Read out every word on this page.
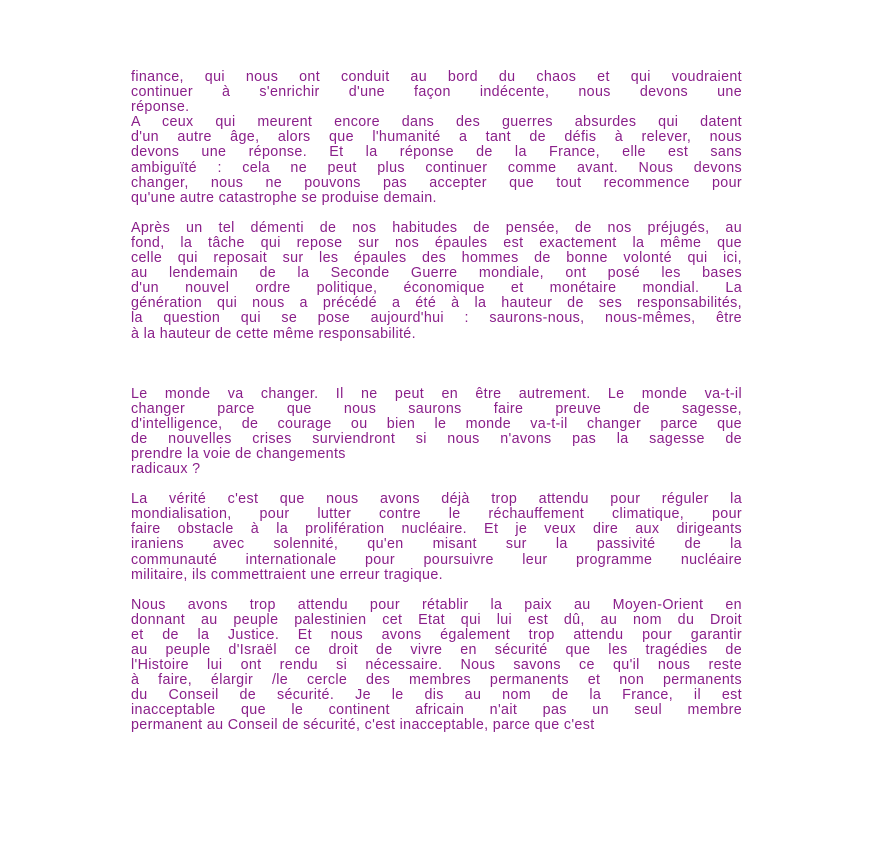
finance, qui nous ont conduit au bord du chaos et qui voudraient
continuer à s'enrichir d'une façon indécente, nous devons une
réponse.
A ceux qui meurent encore dans des guerres absurdes qui datent
d'un autre âge, alors que l'humanité a tant de défis à relever, nous
devons une réponse. Et la réponse de la France, elle est sans
ambiguïté : cela ne peut plus continuer comme avant. Nous devons
changer, nous ne pouvons pas accepter que tout recommence pour
qu'une autre catastrophe se produise demain.

Après un tel démenti de nos habitudes de pensée, de nos préjugés, au
fond, la tâche qui repose sur nos épaules est exactement la même que
celle qui reposait sur les épaules des hommes de bonne volonté qui ici,
au lendemain de la Seconde Guerre mondiale, ont posé les bases
d'un nouvel ordre politique, économique et monétaire mondial. La
génération qui nous a précédé a été à la hauteur de ses responsabilités,
la question qui se pose aujourd'hui : saurons-nous, nous-mêmes, être
à la hauteur de cette même responsabilité.

Le monde va changer. Il ne peut en être autrement. Le monde va-t-il
changer parce que nous saurons faire preuve de sagesse,
d'intelligence, de courage ou bien le monde va-t-il changer parce que
de nouvelles crises surviendront si nous n'avons pas la sagesse de
prendre la voie de changements
radicaux ?

La vérité c'est que nous avons déjà trop attendu pour réguler la
mondialisation, pour lutter contre le réchauffement climatique, pour
faire obstacle à la prolifération nucléaire. Et je veux dire aux dirigeants
iraniens avec solennité, qu'en misant sur la passivité de la
communauté internationale pour poursuivre leur programme nucléaire
militaire, ils commettraient une erreur tragique.

Nous avons trop attendu pour rétablir la paix au Moyen-Orient en
donnant au peuple palestinien cet Etat qui lui est dû, au nom du Droit
et de la Justice. Et nous avons également trop attendu pour garantir
au peuple d'Israël ce droit de vivre en sécurité que les tragédies de
l'Histoire lui ont rendu si nécessaire. Nous savons ce qu'il nous reste
à faire, élargir /le cercle des membres permanents et non permanents
du Conseil de sécurité. Je le dis au nom de la France, il est
inacceptable que le continent africain n'ait pas un seul membre
permanent au Conseil de sécurité, c'est inacceptable, parce que c'est
